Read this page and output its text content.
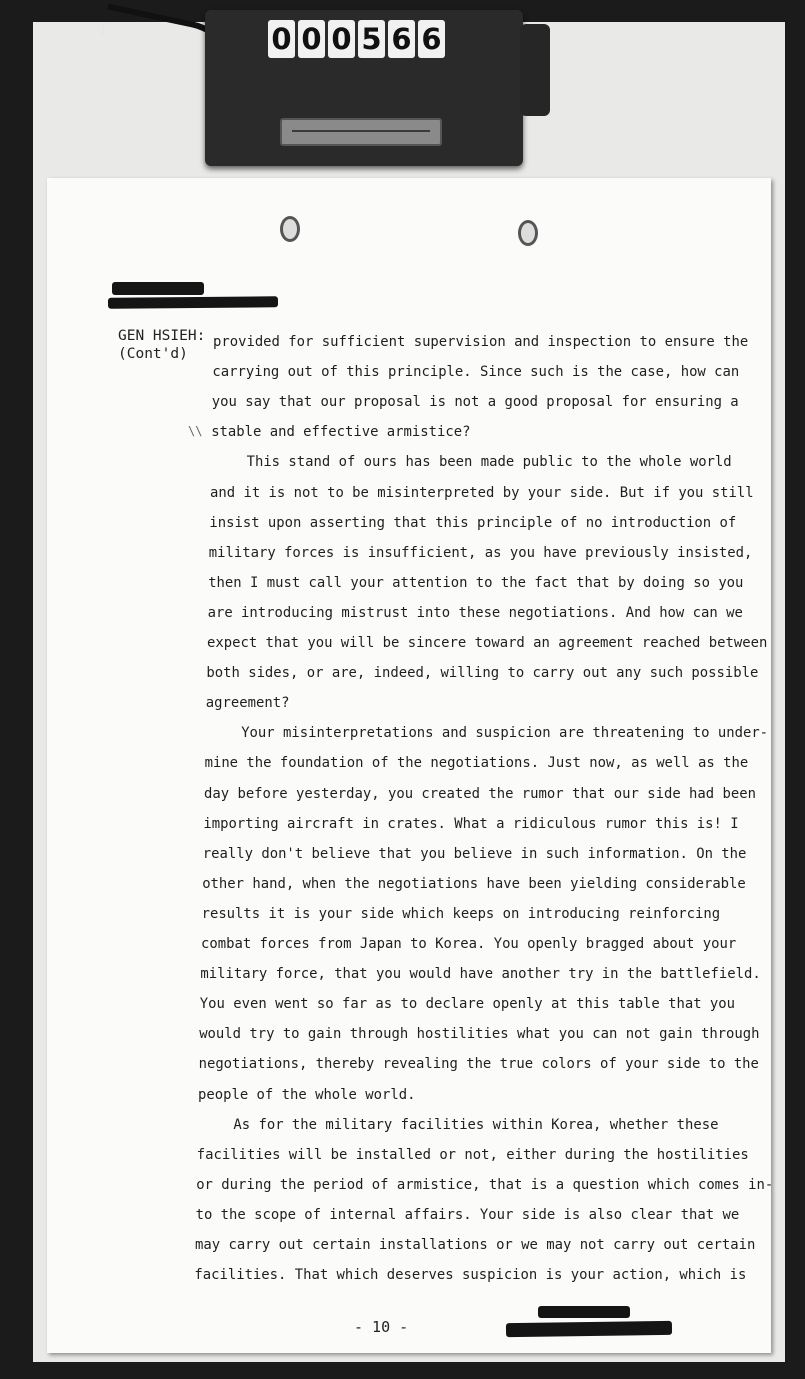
0 0 0 5 6 6
GEN HSIEH:
(Cont'd)
\\
provided for sufficient supervision and inspection to ensure the
carrying out of this principle. Since such is the case, how can
you say that our proposal is not a good proposal for ensuring a
stable and effective armistice?
This stand of ours has been made public to the whole world
and it is not to be misinterpreted by your side. But if you still
insist upon asserting that this principle of no introduction of
military forces is insufficient, as you have previously insisted,
then I must call your attention to the fact that by doing so you
are introducing mistrust into these negotiations. And how can we
expect that you will be sincere toward an agreement reached between
both sides, or are, indeed, willing to carry out any such possible
agreement?
Your misinterpretations and suspicion are threatening to under-
mine the foundation of the negotiations. Just now, as well as the
day before yesterday, you created the rumor that our side had been
importing aircraft in crates. What a ridiculous rumor this is! I
really don't believe that you believe in such information. On the
other hand, when the negotiations have been yielding considerable
results it is your side which keeps on introducing reinforcing
combat forces from Japan to Korea. You openly bragged about your
military force, that you would have another try in the battlefield.
You even went so far as to declare openly at this table that you
would try to gain through hostilities what you can not gain through
negotiations, thereby revealing the true colors of your side to the
people of the whole world.
As for the military facilities within Korea, whether these
facilities will be installed or not, either during the hostilities
or during the period of armistice, that is a question which comes in-
to the scope of internal affairs. Your side is also clear that we
may carry out certain installations or we may not carry out certain
facilities. That which deserves suspicion is your action, which is
- 10 -
